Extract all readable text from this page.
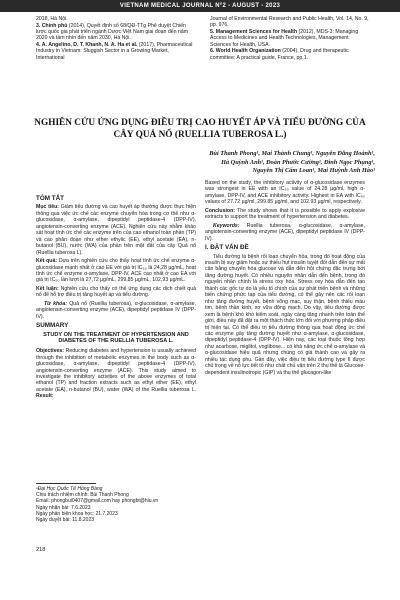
VIETNAM MEDICAL JOURNAL N°2 - AUGUST - 2023
2018, Hà Nội.
3. Chính phủ (2014), Quyết định số 68/QĐ-TTg Phê duyệt Chiến lược quốc gia phát triển ngành Dược Việt Nam giai đoạn đến năm 2020 và tầm nhìn đến năm 2030, Hà Nội.
4. A. Angelino, D. T. Khanh, N. A. Ha et al. (2017), Pharmaceutical Industry in Vietnam: Sluggish Sector in a Growing Market, International
Journal of Environmental Research and Public Health, Vol. 14, No. 9, pp. 976.
5. Management Sciences for Health (2012), MDS-3: Managing Access to Medicines and Health Technologies, Management Sciences for Health, USA.
6. World Health Organization (2004), Drug and therapeutic committee: A practical guide, France, pp.1.
NGHIÊN CỨU ỨNG DỤNG ĐIỀU TRỊ CAO HUYẾT ÁP VÀ TIỂU ĐƯỜNG CỦA CÂY QUẢ NỔ (RUELLIA TUBEROSA L.)
Bùi Thanh Phong¹, Mai Thành Chung¹, Nguyễn Đăng Hoành¹,
Hà Quỳnh Anh¹, Đoàn Phước Cường¹, Đinh Ngọc Phụng¹,
Nguyễn Thị Cẩm Loan¹, Mai Huỳnh Anh Hào¹
TÓM TẮT

Mục tiêu: Giảm tiểu đường và cao huyết áp thường được thực hiện thông qua việc ức chế các enzyme chuyển hóa trong cơ thể như α-glucosidase, α-amylase, dipeptidyl peptidase-4 (DPP-IV), angiotensin-converting enzyme (ACE). Nghiên cứu này nhằm khảo sát hoạt tính ức chế các enzyme trên của cao ethanol toàn phần (TP) và cao phân đoạn như ether ethylic (EE), ethyl acetate (EA), n-butanol (BU), nước (WA) của phần trên mặt đất của cây Quả nổ (Ruellia tuberosa L).

Kết quả: Dựa trên nghiên cứu cho thấy hoạt tính ức chế enzyme α-glucosidase mạnh nhất ở cao EE với giá trị IC₅₀ là 24,28 µg/mL, hoạt tính ức chế enzyme α-amylase, DPP-IV, ACE cao nhất ở cao EA với giá trị IC₅₀ lần lượt là 27,72 µg/mL, 299,85 µg/mL, 102,93 µg/mL.

Kết luận: Nghiên cứu cho thấy có thể ứng dụng các dịch chiết quả nổ để hỗ trợ điều trị tăng huyết áp và tiểu đường.

Từ khóa: Quả nổ (Ruellia tuberosa), α-glucosidase, α-amylase, angiotensin-converting enzyme (ACE), dipeptidyl peptidase IV (DPP-IV).

SUMMARY
STUDY ON THE TREATMENT OF HYPERTENSION AND DIABETES OF THE RUELLIA TUBEROSA L.

Objectives: Reducing diabetes and hypertension is usually achieved through the inhibition of metabolic enzymes in the body such as α-glucosidase, α-amylase, dipeptidyl peptidase-4 (DPP-IV), angiotensin-converting enzyme (ACE). This study aimed to investigate the inhibitory activities of the above enzymes of total ethanol (TP) and fraction extracts such as ethyl ether (EE), ethyl acetate (EA), n-butanol (BU), water (WA) of the Ruellia tuberosa L. Result:

Based on the study, the inhibitory activity of α-glucosidase enzymes was strongest in EE with an IC₅₀ value of 24.28 µg/ml, high α-amylase, DPP-IV, and ACE inhibitory activity. Highest in EA with IC₅₀ values of 27.72 µg/ml, 299.85 µg/ml, and 102.93 µg/ml, respectively.

Conclusion: The study shows that it is possible to apply explosive extracts to support the treatment of hypertension and diabetes.

Keywords: Ruellia tuberosa, α-glucosidase, α-amylase, angiotensin-converting enzyme (ACE), dipeptidyl peptidase IV (DPP-IV).

I. ĐẶT VẤN ĐỀ

Tiểu đường là bệnh rối loạn chuyển hóa, trong đó hoạt động của insulin bị suy giảm hoặc sự thiếu hụt insulin tuyệt đối dẫn đến sự mất cân bằng chuyển hóa glucose và dẫn đến hội chứng đặc trưng bởi tăng đường huyết. Có nhiều nguyên nhân dẫn đến bệnh, trong đó nguyên nhân chính là stress oxy hóa. Stress oxy hóa dẫn đến tạo thành các gốc tự do là yếu tố chính của sự phát triển bệnh và những biến chứng phức tạp của tiểu đường, có thể gây nên các rối loạn như tăng đường huyết, bệnh võng mạc, suy thận, bệnh thiếu máu tim, bệnh thần kinh, xơ vữa động mạch. Do vậy, tiểu đường được xem là bệnh khó khó kiểm soát, ngày càng tăng nhanh trên toàn thế giới, điều này đã đặt ra một thách thức lớn đối với phương pháp điều trị hiện tại. Có thể điều trị tiểu đường thông qua hoạt động ức chế các enzyme gây tăng đường huyết như α-amylase, α-glucosidase, dipeptidyl peptidase-4 (DPP-IV). Hiện nay, các loại thuốc tổng hợp như acarbose, miglitol, voglibose... có khả năng ức chế α-amylase và α-glucosidase hiệu quả nhưng chúng có giá thành cao và gây ra nhiều tác dụng phụ. Gần đây, việc điều trị tiểu đường type II được chú trọng về nỗ lực tiết tố như chất chủ vận trên 2 thụ thể là Glucose-dependent insulinotropic (GIP) và thụ thể glucagon-like

¹Đại Học Quốc Tế Hồng Bàng
Chịu trách nhiệm chính: Bùi Thanh Phong
Email: phongbui0407@gmail.com hay phongbt@hiu.vn
Ngày nhận bài: 7.6.2023
Ngày phản biện khoa học: 21.7.2023
Ngày duyệt bài: 11.8.2023
218
